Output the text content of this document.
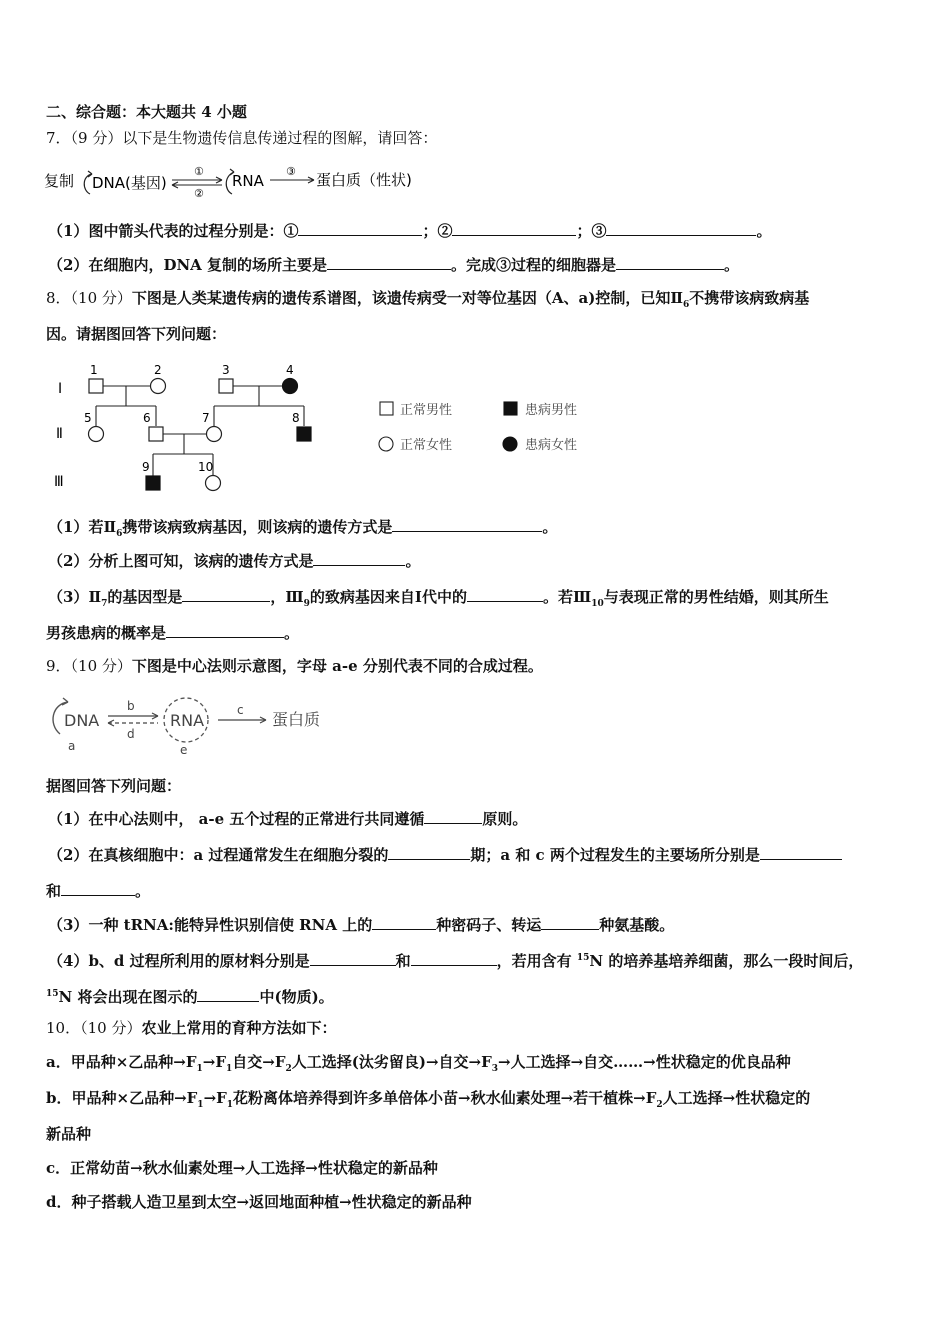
二、综合题：本大题共 4 小题
7．（9 分）以下是生物遗传信息传递过程的图解，请回答：
复制 DNA(基因)
①
②
RNA
③ 蛋白质（性状)
（1）图中箭头代表的过程分别是：①	；②	；③	。
（2）在细胞内，DNA 复制的场所主要是	。完成③过程的细胞器是	。
8．（10 分）下图是人类某遗传病的遗传系谱图，该遗传病受一对等位基因（A、a)控制，已知$Ⅱ_6$不携带该病致病基
因。请据图回答下列问题：
Ⅰ
Ⅱ
Ⅲ
1	2	3	4
5	6	7	8
9	10
正常男性	患病男性
正常女性	患病女性
（1）若$Ⅱ_6$携带该病致病基因，则该病的遗传方式是	。
（2）分析上图可知，该病的遗传方式是	。
$(3)Ⅱ_7$的基因型是	，$Ⅲ_9$的致病基因来自Ⅰ代中的	。若$Ⅲ_{10}$与表现正常的男性结婚，则其所生
男孩患病的概率是	。
9．（10 分）下图是中心法则示意图，字母 a-e 分别代表不同的合成过程。
DNA
a
b
d
RNA
e
c 蛋白质
据图回答下列问题：
（1）在中心法则中， a-e 五个过程的正常进行共同遵循	原则。
（2）在真核细胞中：a 过程通常发生在细胞分裂的	期；a 和 c 两个过程发生的主要场所分别是
和	。
（3）一种 tRNA:能特异性识别信使 RNA 上的	种密码子、转运	种氨基酸。
（4）b、d 过程所利用的原材料分别是	和	，若用含有 $^{15}$N 的培养基培养细菌，那么一段时间后，
$^{15}$N 将会出现在图示的	中(物质)。
10．（10 分）农业上常用的育种方法如下：
a．甲品种×乙品种$\to F_1\to F_1$自交$\to F_2$人工选择(汰劣留良)→自交$\to F_3\to$人工选择→自交……→性状稳定的优良品种
b．甲品种×乙品种$\to F_1\to F_1$花粉离体培养得到许多单倍体小苗→秋水仙素处理→若干植株$\to F_2$人工选择→性状稳定的
新品种
c．正常幼苗→秋水仙素处理→人工选择→性状稳定的新品种
d．种子搭载人造卫星到太空→返回地面种植→性状稳定的新品种
